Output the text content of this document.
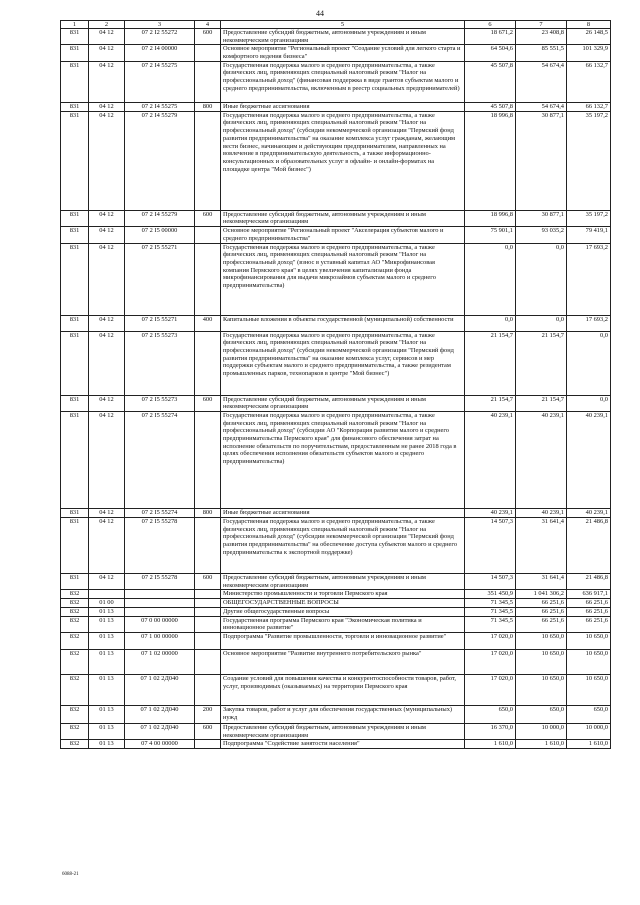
44
1	2	3	4	5	6	7	8
831	04 12	07 2 I2 55272	600	Предоставление субсидий бюджетным, автономным учреждениям и иным некоммерческим организациям	18 671,2	23 408,8	26 148,5
831	04 12	07 2 I4 00000		Основное мероприятие "Региональный проект "Создание условий для легкого старта и комфортного ведения бизнеса"	64 504,6	85 551,5	101 329,9
831	04 12	07 2 I4 55275		Государственная поддержка малого и среднего предпринимательства, а также физических лиц, применяющих специальный налоговый режим "Налог на профессиональный доход" (финансовая поддержка в виде грантов субъектам малого и среднего предпринимательства, включенным в реестр социальных предпринимателей)	45 507,8	54 674,4	66 132,7
831	04 12	07 2 I4 55275	800	Иные бюджетные ассигнования	45 507,8	54 674,4	66 132,7
831	04 12	07 2 I4 55279		Государственная поддержка малого и среднего предпринимательства, а также физических лиц, применяющих специальный налоговый режим "Налог на профессиональный доход" (субсидии некоммерческой организации "Пермский фонд развития предпринимательства" на оказание комплекса услуг гражданам, желающим вести бизнес, начинающим и действующим предпринимателям, направленных на вовлечение в предпринимательскую деятельность, а также информационно-консультационных и образовательных услуг в офлайн- и онлайн-форматах на площадке центра "Мой бизнес")	18 996,8	30 877,1	35 197,2
831	04 12	07 2 I4 55279	600	Предоставление субсидий бюджетным, автономным учреждениям и иным некоммерческим организациям	18 996,8	30 877,1	35 197,2
831	04 12	07 2 I5 00000		Основное мероприятие "Региональный проект "Акселерация субъектов малого и среднего предпринимательства"	75 901,1	93 035,2	79 419,1
831	04 12	07 2 I5 55271		Государственная поддержка малого и среднего предпринимательства, а также физических лиц, применяющих специальный налоговый режим "Налог на профессиональный доход" (взнос в уставный капитал АО "Микрофинансовая компания Пермского края" в целях увеличения капитализации фонда микрофинансирования для выдачи микрозаймов субъектам малого и среднего предпринимательства)	0,0	0,0	17 693,2
831	04 12	07 2 I5 55271	400	Капитальные вложения в объекты государственной (муниципальной) собственности	0,0	0,0	17 693,2
831	04 12	07 2 I5 55273		Государственная поддержка малого и среднего предпринимательства, а также физических лиц, применяющих специальный налоговый режим "Налог на профессиональный доход" (субсидии некоммерческой организации "Пермский фонд развития предпринимательства" на оказание комплекса услуг, сервисов и мер поддержки субъектам малого и среднего предпринимательства, а также резидентам промышленных парков, технопарков в центре "Мой бизнес")	21 154,7	21 154,7	0,0
831	04 12	07 2 I5 55273	600	Предоставление субсидий бюджетным, автономным учреждениям и иным некоммерческим организациям	21 154,7	21 154,7	0,0
831	04 12	07 2 I5 55274		Государственная поддержка малого и среднего предпринимательства, а также физических лиц, применяющих специальный налоговый режим "Налог на профессиональный доход" (субсидии АО "Корпорация развития малого и среднего предпринимательства Пермского края" для финансового обеспечения затрат на исполнение обязательств по поручительствам, предоставленным не ранее 2018 года в целях обеспечения исполнения обязательств субъектов малого и среднего предпринимательства)	40 239,1	40 239,1	40 239,1
831	04 12	07 2 I5 55274	800	Иные бюджетные ассигнования	40 239,1	40 239,1	40 239,1
831	04 12	07 2 I5 55278		Государственная поддержка малого и среднего предпринимательства, а также физических лиц, применяющих специальный налоговый режим "Налог на профессиональный доход" (субсидии некоммерческой организации "Пермский фонд развития предпринимательства" на обеспечение доступа субъектов малого и среднего предпринимательства к экспортной поддержке)	14 507,3	31 641,4	21 486,8
831	04 12	07 2 I5 55278	600	Предоставление субсидий бюджетным, автономным учреждениям и иным некоммерческим организациям	14 507,3	31 641,4	21 486,8
832				Министерство промышленности и торговли Пермского края	351 450,9	1 041 306,2	636 917,1
832	01 00			ОБЩЕГОСУДАРСТВЕННЫЕ ВОПРОСЫ	71 345,5	66 251,6	66 251,6
832	01 13			Другие общегосударственные вопросы	71 345,5	66 251,6	66 251,6
832	01 13	07 0 00 00000		Государственная программа Пермского края "Экономическая политика и инновационное развитие"	71 345,5	66 251,6	66 251,6
832	01 13	07 1 00 00000		Подпрограмма "Развитие промышленности, торговли и инновационное развитие"	17 020,0	10 650,0	10 650,0
832	01 13	07 1 02 00000		Основное мероприятие "Развитие внутреннего потребительского рынка"	17 020,0	10 650,0	10 650,0
832	01 13	07 1 02 2Д040		Создание условий для повышения качества и конкурентоспособности товаров, работ, услуг, производимых (оказываемых) на территории Пермского края	17 020,0	10 650,0	10 650,0
832	01 13	07 1 02 2Д040	200	Закупка товаров, работ и услуг для обеспечения государственных (муниципальных) нужд	650,0	650,0	650,0
832	01 13	07 1 02 2Д040	600	Предоставление субсидий бюджетным, автономным учреждениям и иным некоммерческим организациям	16 370,0	10 000,0	10 000,0
832	01 13	07 4 00 00000		Подпрограмма "Содействие занятости населения"	1 610,0	1 610,0	1 610,0
6088-21
